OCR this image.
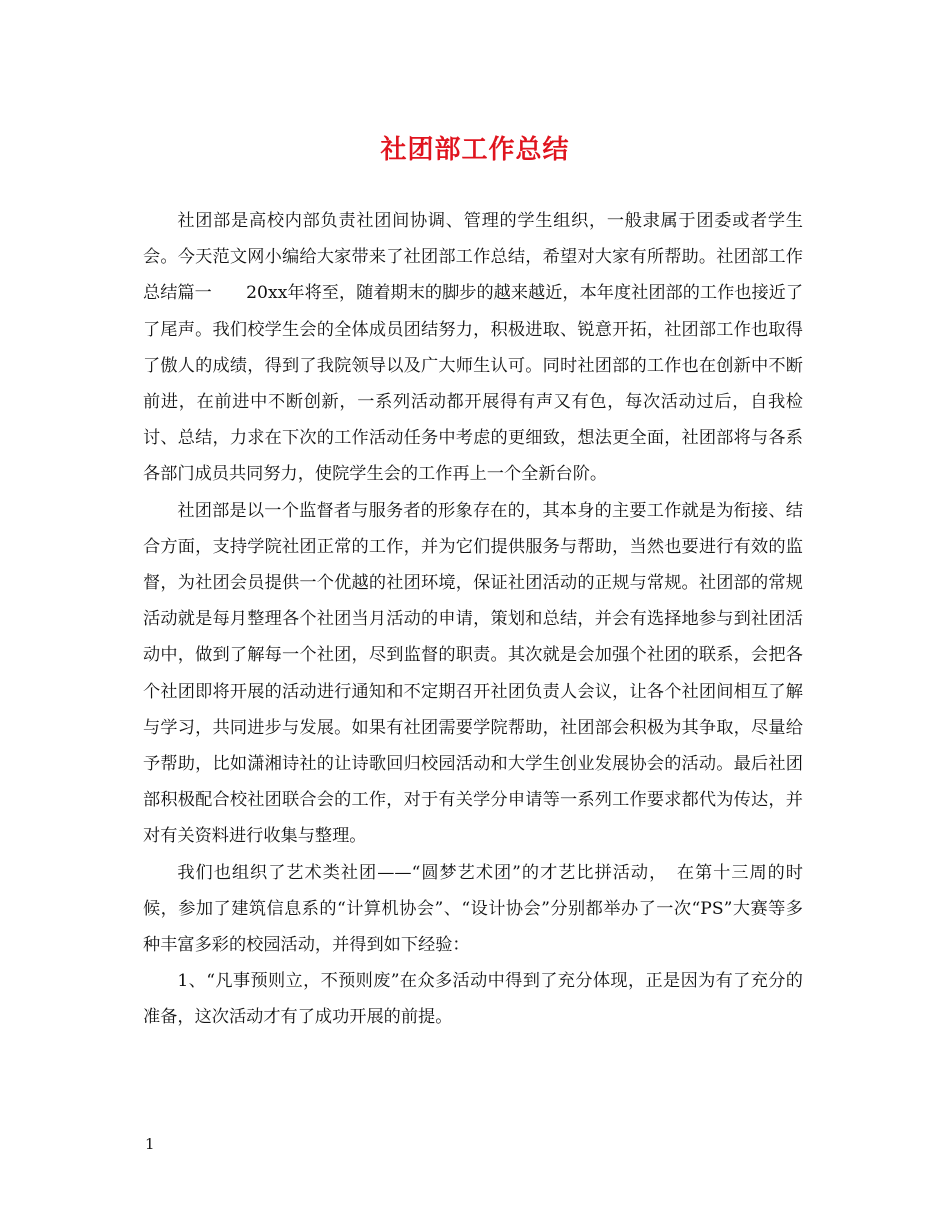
社团部工作总结

社团部是高校内部负责社团间协调、管理的学生组织，一般隶属于团委或者学生会。今天范文网小编给大家带来了社团部工作总结，希望对大家有所帮助。社团部工作总结篇一　　20xx年将至，随着期末的脚步的越来越近，本年度社团部的工作也接近了了尾声。我们校学生会的全体成员团结努力，积极进取、锐意开拓，社团部工作也取得了傲人的成绩，得到了我院领导以及广大师生认可。同时社团部的工作也在创新中不断前进，在前进中不断创新，一系列活动都开展得有声又有色，每次活动过后，自我检讨、总结，力求在下次的工作活动任务中考虑的更细致，想法更全面，社团部将与各系各部门成员共同努力，使院学生会的工作再上一个全新台阶。

社团部是以一个监督者与服务者的形象存在的，其本身的主要工作就是为衔接、结合方面，支持学院社团正常的工作，并为它们提供服务与帮助，当然也要进行有效的监督，为社团会员提供一个优越的社团环境，保证社团活动的正规与常规。社团部的常规活动就是每月整理各个社团当月活动的申请，策划和总结，并会有选择地参与到社团活动中，做到了解每一个社团，尽到监督的职责。其次就是会加强个社团的联系，会把各个社团即将开展的活动进行通知和不定期召开社团负责人会议，让各个社团间相互了解与学习，共同进步与发展。如果有社团需要学院帮助，社团部会积极为其争取，尽量给予帮助，比如潇湘诗社的让诗歌回归校园活动和大学生创业发展协会的活动。最后社团部积极配合校社团联合会的工作，对于有关学分申请等一系列工作要求都代为传达，并对有关资料进行收集与整理。

我们也组织了艺术类社团——“圆梦艺术团”的才艺比拼活动，　在第十三周的时候，参加了建筑信息系的“计算机协会”、“设计协会”分别都举办了一次“PS”大赛等多种丰富多彩的校园活动，并得到如下经验：

1、“凡事预则立，不预则废”在众多活动中得到了充分体现，正是因为有了充分的准备，这次活动才有了成功开展的前提。

1
